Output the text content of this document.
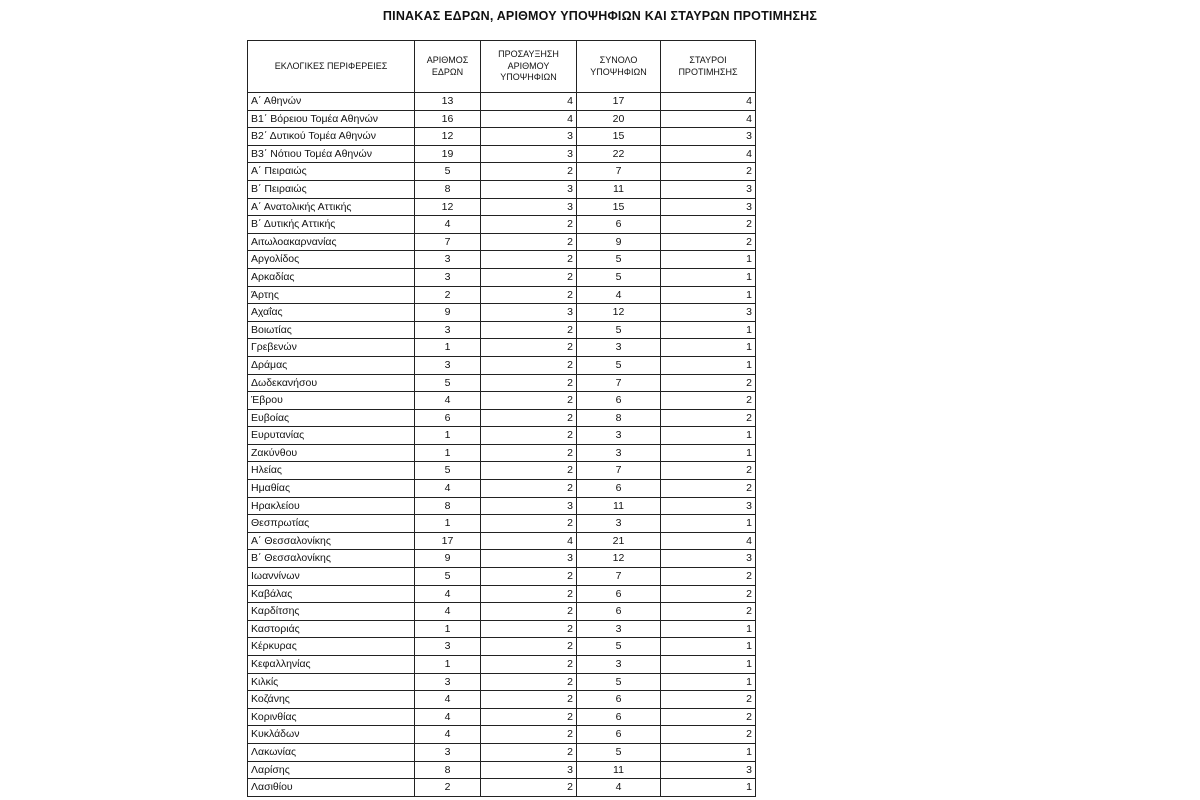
ΠΙΝΑΚΑΣ ΕΔΡΩΝ, ΑΡΙΘΜΟΥ ΥΠΟΨΗΦΙΩΝ ΚΑΙ ΣΤΑΥΡΩΝ ΠΡΟΤΙΜΗΣΗΣ
ΕΚΛΟΓΙΚΕΣ ΠΕΡΙΦΕΡΕΙΕΣ	ΑΡΙΘΜΟΣ ΕΔΡΩΝ	ΠΡΟΣΑΥΞΗΣΗ ΑΡΙΘΜΟΥ ΥΠΟΨΗΦΙΩΝ	ΣΥΝΟΛΟ ΥΠΟΨΗΦΙΩΝ	ΣΤΑΥΡΟΙ ΠΡΟΤΙΜΗΣΗΣ
Α΄ Αθηνών	13	4	17	4
Β1΄ Βόρειου Τομέα Αθηνών	16	4	20	4
Β2΄ Δυτικού Τομέα Αθηνών	12	3	15	3
Β3΄ Νότιου Τομέα Αθηνών	19	3	22	4
Α΄ Πειραιώς	5	2	7	2
Β΄ Πειραιώς	8	3	11	3
Α΄ Ανατολικής Αττικής	12	3	15	3
Β΄ Δυτικής Αττικής	4	2	6	2
Αιτωλοακαρνανίας	7	2	9	2
Αργολίδος	3	2	5	1
Αρκαδίας	3	2	5	1
Άρτης	2	2	4	1
Αχαΐας	9	3	12	3
Βοιωτίας	3	2	5	1
Γρεβενών	1	2	3	1
Δράμας	3	2	5	1
Δωδεκανήσου	5	2	7	2
Έβρου	4	2	6	2
Ευβοίας	6	2	8	2
Ευρυτανίας	1	2	3	1
Ζακύνθου	1	2	3	1
Ηλείας	5	2	7	2
Ημαθίας	4	2	6	2
Ηρακλείου	8	3	11	3
Θεσπρωτίας	1	2	3	1
Α΄ Θεσσαλονίκης	17	4	21	4
Β΄ Θεσσαλονίκης	9	3	12	3
Ιωαννίνων	5	2	7	2
Καβάλας	4	2	6	2
Καρδίτσης	4	2	6	2
Καστοριάς	1	2	3	1
Κέρκυρας	3	2	5	1
Κεφαλληνίας	1	2	3	1
Κιλκίς	3	2	5	1
Κοζάνης	4	2	6	2
Κορινθίας	4	2	6	2
Κυκλάδων	4	2	6	2
Λακωνίας	3	2	5	1
Λαρίσης	8	3	11	3
Λασιθίου	2	2	4	1
